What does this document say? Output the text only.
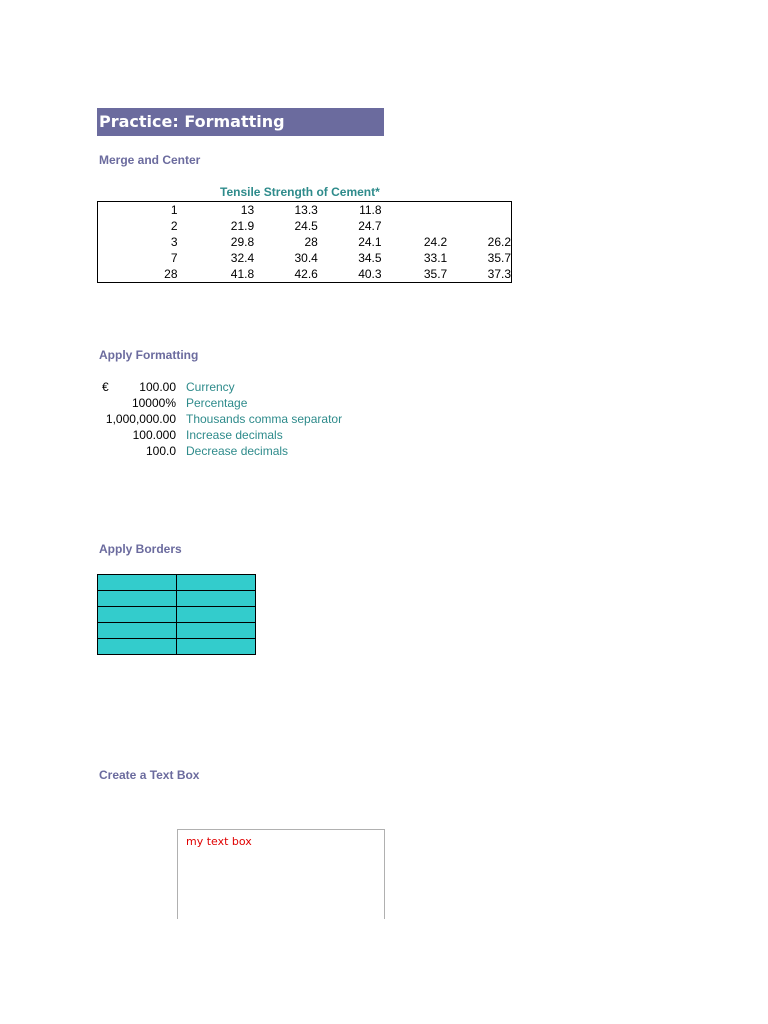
Practice: Formatting
Merge and Center
Tensile Strength of Cement*
1	13	13.3	11.8		
2	21.9	24.5	24.7		
3	29.8	28	24.1	24.2	26.2
7	32.4	30.4	34.5	33.1	35.7
28	41.8	42.6	40.3	35.7	37.3
Apply Formatting
€	100.00 Currency
10000% Percentage
1,000,000.00 Thousands comma separator
100.000 Increase decimals
100.0 Decrease decimals
Apply Borders

Create a Text Box
my text box
